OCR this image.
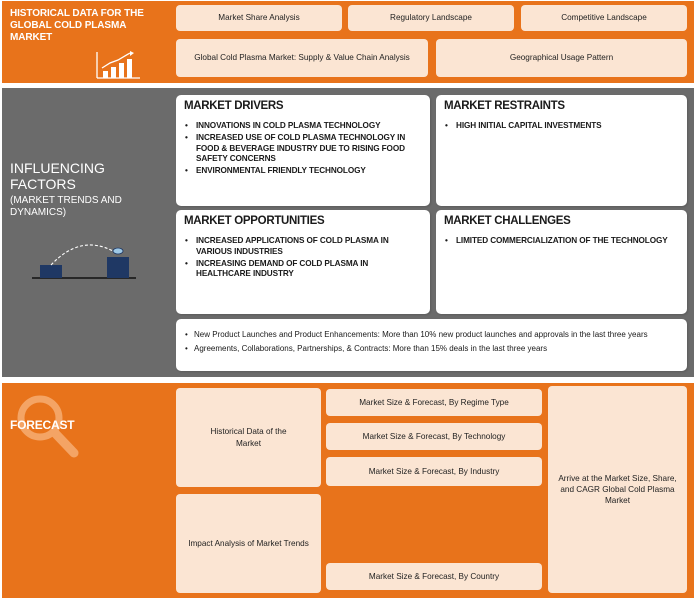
HISTORICAL DATA FOR THE GLOBAL COLD PLASMA MARKET
Market Share Analysis	Regulatory Landscape	Competitive Landscape
Global Cold Plasma Market: Supply & Value Chain Analysis	Geographical Usage Pattern
INFLUENCING FACTORS
(MARKET TRENDS AND DYNAMICS)
MARKET DRIVERS
• INNOVATIONS IN COLD PLASMA TECHNOLOGY
• INCREASED USE OF COLD PLASMA TECHNOLOGY IN FOOD & BEVERAGE INDUSTRY DUE TO RISING FOOD SAFETY CONCERNS
• ENVIRONMENTAL FRIENDLY TECHNOLOGY
MARKET RESTRAINTS
• HIGH INITIAL CAPITAL INVESTMENTS
MARKET OPPORTUNITIES
• INCREASED APPLICATIONS OF COLD PLASMA IN VARIOUS INDUSTRIES
• INCREASING DEMAND OF COLD PLASMA IN HEALTHCARE INDUSTRY
MARKET CHALLENGES
• LIMITED COMMERCIALIZATION OF THE TECHNOLOGY
• New Product Launches and Product Enhancements: More than 10% new product launches and approvals in the last three years
• Agreements, Collaborations, Partnerships, & Contracts: More than 15% deals in the last three years
FORECAST	Historical Data of the Market
Impact Analysis of Market Trends
Market Size & Forecast, By Regime Type
Market Size & Forecast, By Technology
Market Size & Forecast, By Industry
Market Size & Forecast, By Country
Arrive at the Market Size, Share, and CAGR Global Cold Plasma Market
